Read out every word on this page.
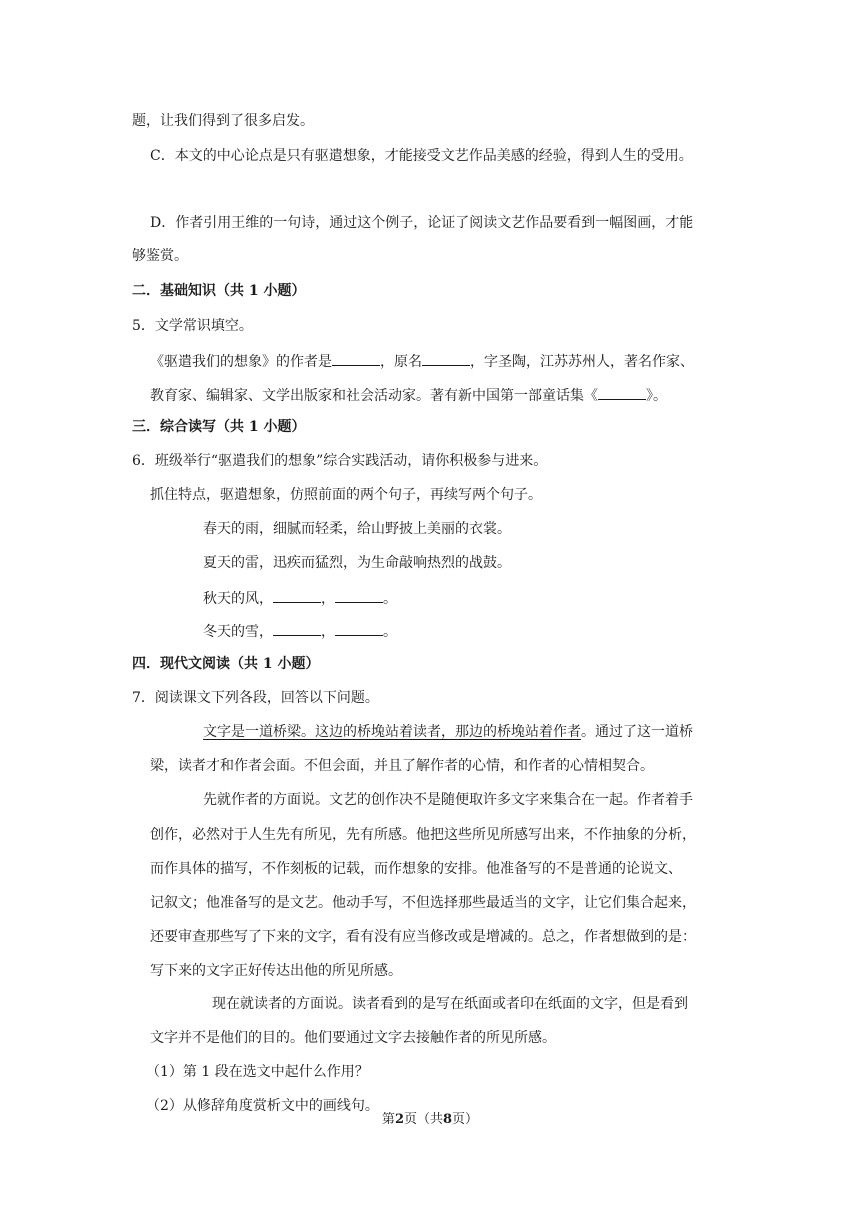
题，让我们得到了很多启发。
C．本文的中心论点是只有驱遣想象，才能接受文艺作品美感的经验，得到人生的受用。
D．作者引用王维的一句诗，通过这个例子，论证了阅读文艺作品要看到一幅图画，才能
够鉴赏。
二．基础知识（共 1 小题）
5．文学常识填空。
《驱遣我们的想象》的作者是	，原名	，字圣陶，江苏苏州人，著名作家、
教育家、编辑家、文学出版家和社会活动家。著有新中国第一部童话集《	》。
三．综合读写（共 1 小题）
6．班级举行“驱遣我们的想象”综合实践活动，请你积极参与进来。
抓住特点，驱遣想象，仿照前面的两个句子，再续写两个句子。
春天的雨，细腻而轻柔，给山野披上美丽的衣裳。
夏天的雷，迅疾而猛烈，为生命敲响热烈的战鼓。
秋天的风，	，	。
冬天的雪，	，	。
四．现代文阅读（共 1 小题）
7．阅读课文下列各段，回答以下问题。
文字是一道桥梁。这边的桥堍站着读者，那边的桥堍站着作者。通过了这一道桥
梁，读者才和作者会面。不但会面，并且了解作者的心情，和作者的心情相契合。
先就作者的方面说。文艺的创作决不是随便取许多文字来集合在一起。作者着手
创作，必然对于人生先有所见，先有所感。他把这些所见所感写出来，不作抽象的分析，
而作具体的描写，不作刻板的记载，而作想象的安排。他准备写的不是普通的论说文、
记叙文；他准备写的是文艺。他动手写，不但选择那些最适当的文字，让它们集合起来，
还要审查那些写了下来的文字，看有没有应当修改或是增减的。总之，作者想做到的是：
写下来的文字正好传达出他的所见所感。
现在就读者的方面说。读者看到的是写在纸面或者印在纸面的文字，但是看到
文字并不是他们的目的。他们要通过文字去接触作者的所见所感。
（1）第 1 段在选文中起什么作用？
（2）从修辞角度赏析文中的画线句。
第2页（共8页）
